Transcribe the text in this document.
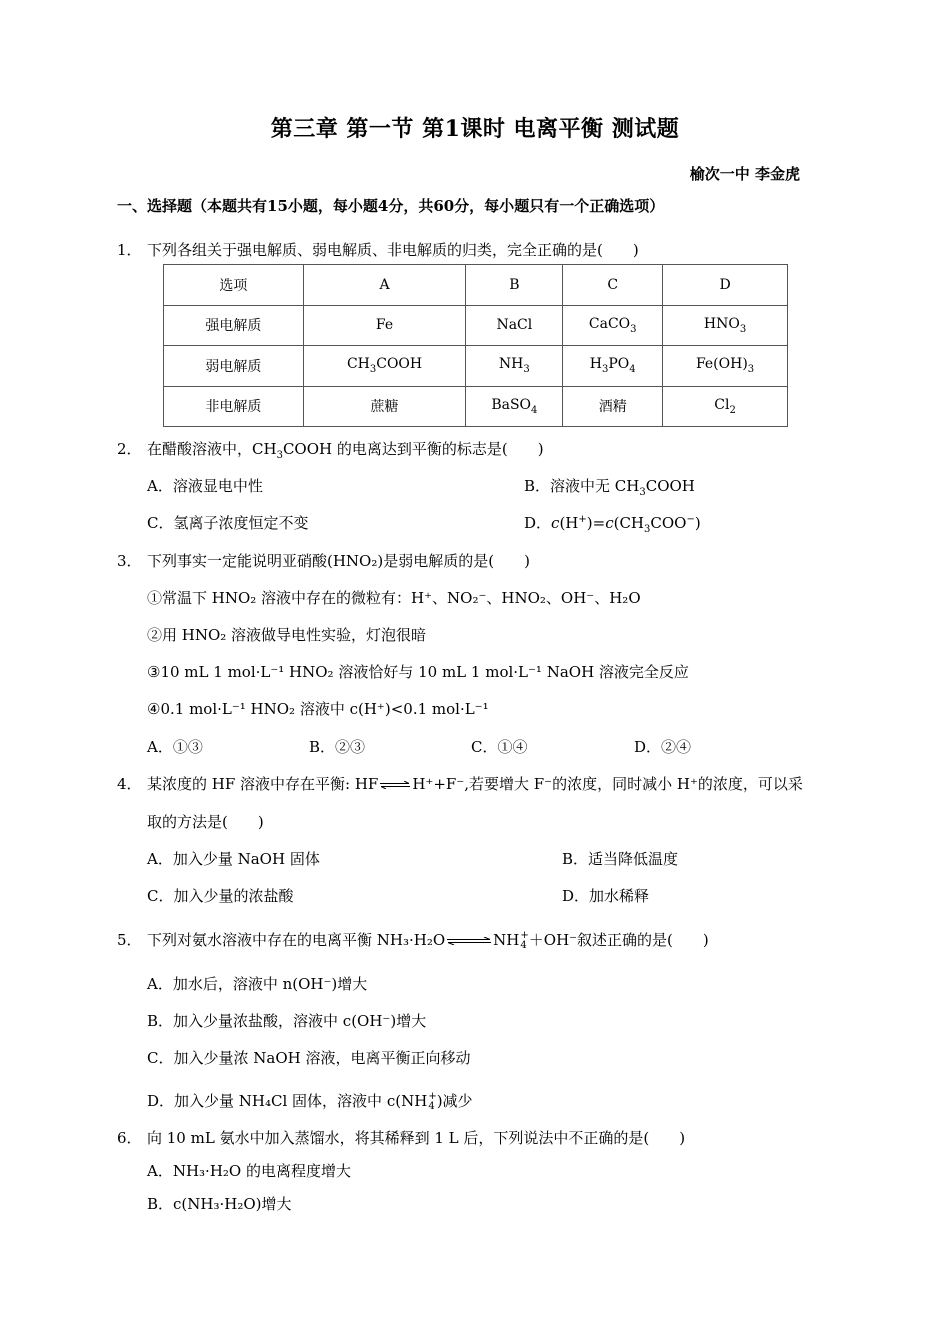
第三章 第一节 第1课时 电离平衡 测试题
榆次一中 李金虎
一、选择题（本题共有15小题，每小题4分，共60分，每小题只有一个正确选项）
1． 下列各组关于强电解质、弱电解质、非电解质的归类，完全正确的是(　　)
选项	A	B	C	D
强电解质	Fe	NaCl	CaCO$_3$	$HNO_3$
弱电解质	$CH_3COOH$	$NH_3$	$H_3PO_4$	$Fe(OH)_3$
非电解质	蔗糖	BaSO$_4$	酒精	$Cl_2$
2． 在醋酸溶液中，$CH_3COOH$ 的电离达到平衡的标志是(　　)
A．溶液显电中性	B．溶液中无 $CH_3COOH$
C．氢离子浓度恒定不变	D．$c(H^+)=c(CH_3COO^-)$
3． 下列事实一定能说明亚硝酸(HNO₂)是弱电解质的是(　　)
①常温下 HNO₂ 溶液中存在的微粒有：H⁺、NO₂⁻、HNO₂、OH⁻、H₂O
②用 HNO₂ 溶液做导电性实验，灯泡很暗
③10 mL 1 mol·L⁻¹ HNO₂ 溶液恰好与 10 mL 1 mol·L⁻¹ NaOH 溶液完全反应
④0.1 mol·L⁻¹ HNO₂ 溶液中 c(H⁺)<0.1 mol·L⁻¹
A．①③	B．②③	C．①④	D．②④
4． 某浓度的 HF 溶液中存在平衡: HF ⇌ H⁺+F⁻,若要增大 F⁻的浓度，同时减小 H⁺的浓度，可以采
取的方法是(　　)
A．加入少量 NaOH 固体	B．适当降低温度
C．加入少量的浓盐酸	D．加水稀释
5． 下列对氨水溶液中存在的电离平衡 NH₃·H₂O ⇌ NH +
4 ＋OH⁻叙述正确的是(　　)
A．加水后，溶液中 n(OH⁻)增大
B．加入少量浓盐酸，溶液中 c(OH⁻)增大
C．加入少量浓 NaOH 溶液，电离平衡正向移动
D．加入少量 NH₄Cl 固体，溶液中 c(NH +
4 )减少
6． 向 10 mL 氨水中加入蒸馏水，将其稀释到 1 L 后，下列说法中不正确的是(　　)
A．NH₃·H₂O 的电离程度增大
B．c(NH₃·H₂O)增大
